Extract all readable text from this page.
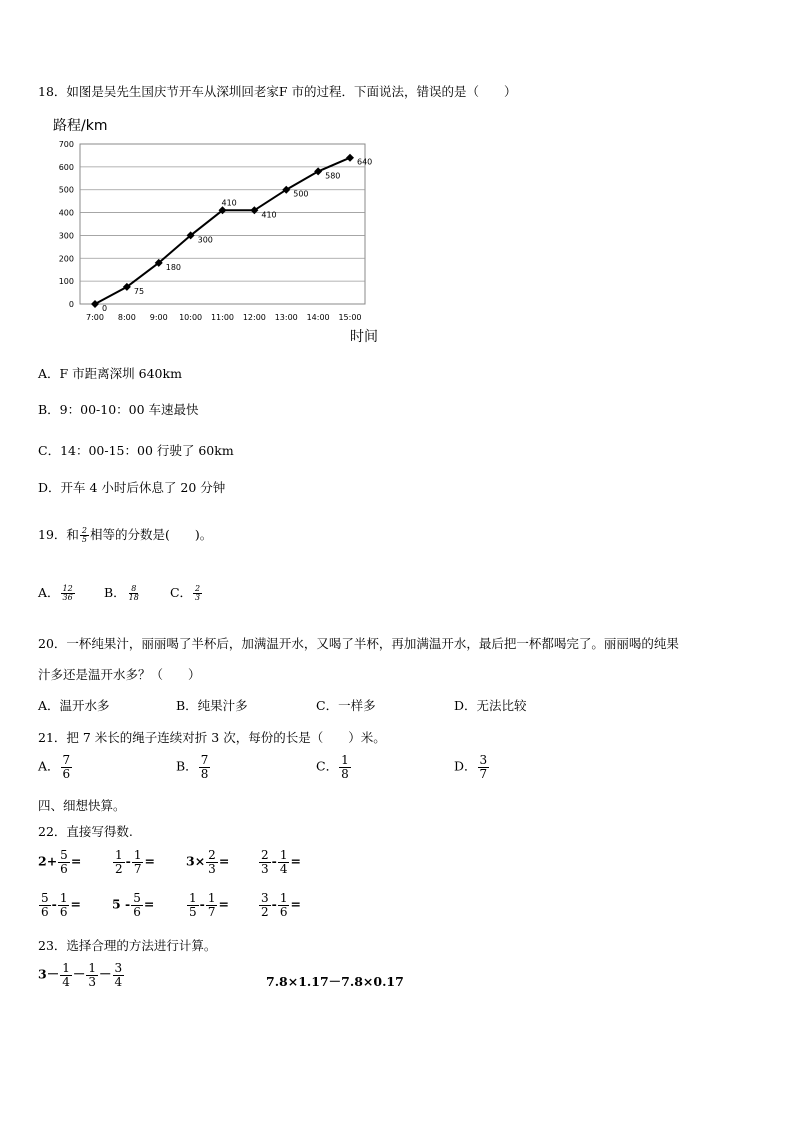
18．如图是吴先生国庆节开车从深圳回老家F 市的过程．下面说法，错误的是（　　）
路程/km
时间
0
100
200
300
400
500
600
700
7:00 8:00 9:00 10:00 11:00 12:00 13:00 14:00 15:00
0
75
180
300
410
410
500
580
640
A．F 市距离深圳 640km
B．9：00-10：00 车速最快
C．14：00-15：00 行驶了 60km
D．开车 4 小时后休息了 20 分钟
19．和 $\frac{2}{5}$ 相等的分数是(　　)。
A． $\frac{12}{36}$ B． $\frac{8}{18}$ C． $\frac{2}{3}$
20．一杯纯果汁，丽丽喝了半杯后，加满温开水，又喝了半杯，再加满温开水，最后把一杯都喝完了。丽丽喝的纯果
汁多还是温开水多？（　　）
A．温开水多	B．纯果汁多	C．一样多	D．无法比较
21．把 7 米长的绳子连续对折 3 次，每份的长是（　　）米。
A． $\frac{7}{6}$	B． $\frac{7}{8}$	C． $\frac{1}{8}$	D． $\frac{3}{7}$
四、细想快算。
22．直接写得数.
$2+ \frac{5}{6}$ =	$\frac{1}{2} - \frac{1}{7} = 3\times \frac{2}{3} = \frac{2}{3} - \frac{1}{4}$ =
$\frac{5}{6} - \frac{1}{6} = 5 - \frac{5}{6}$ =	$\frac{1}{5} - \frac{1}{7}$ =	$\frac{3}{2} - \frac{1}{6}$ =
23．选择合理的方法进行计算。
$3- \frac{1}{4} - \frac{1}{3} - \frac{3}{4}$	7.8×1.17－7.8×0.17
